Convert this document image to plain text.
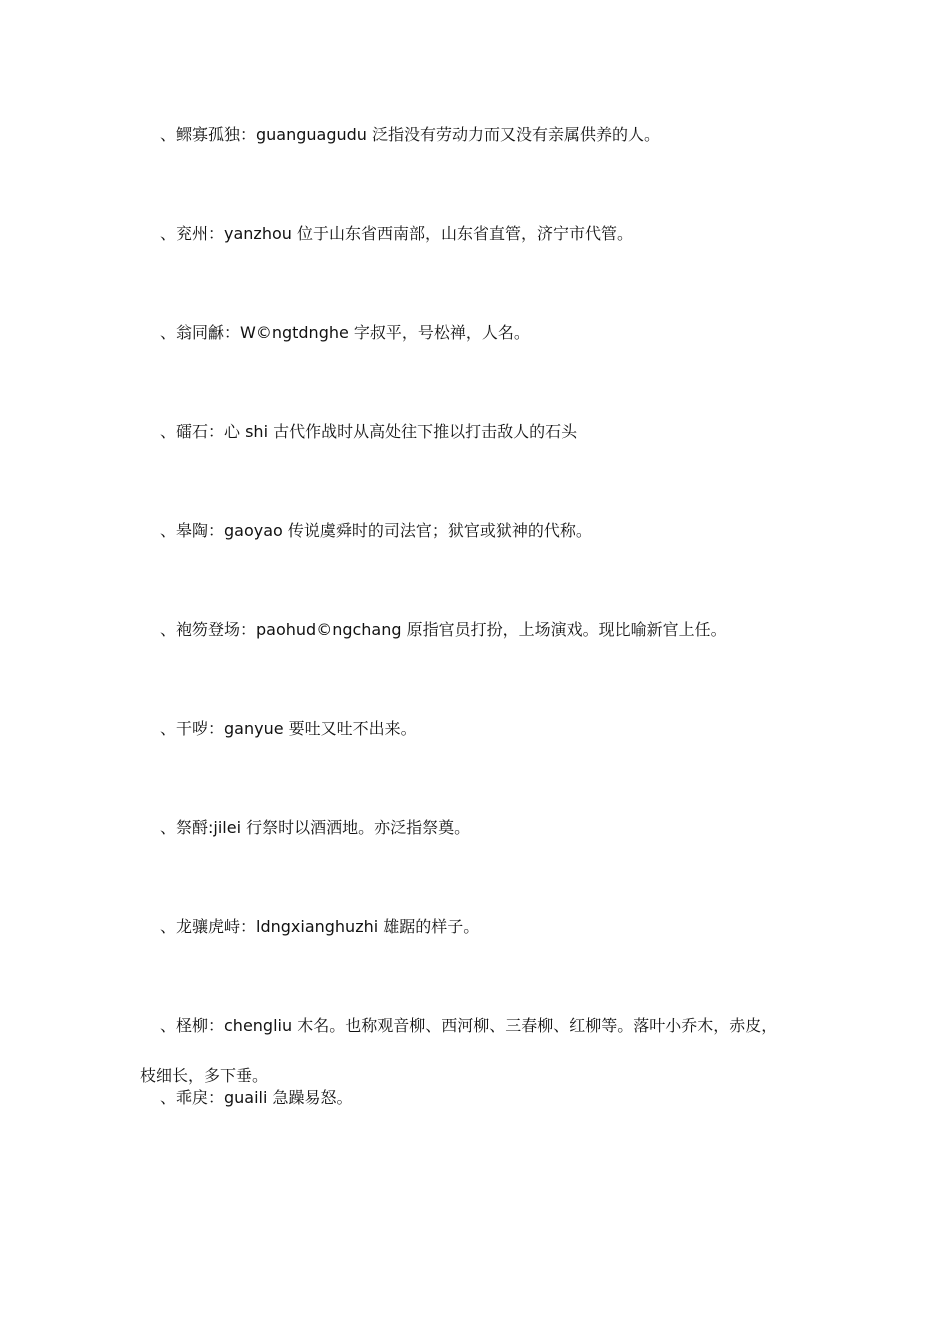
、鳏寡孤独：guanguagudu 泛指没有劳动力而又没有亲属供养的人。
、兖州：yanzhou 位于山东省西南部，山东省直管，济宁市代管。
、翁同龢：W©ngtdnghe 字叔平，号松禅，人名。
、礌石：心 shi 古代作战时从高处往下推以打击敌人的石头
、皋陶：gaoyao 传说虞舜时的司法官；狱官或狱神的代称。
、袍笏登场：paohud©ngchang 原指官员打扮，上场演戏。现比喻新官上任。
、干哕：ganyue 要吐又吐不出来。
、祭酹:jilei 行祭时以酒洒地。亦泛指祭奠。
、龙骧虎峙：ldngxianghuzhi 雄踞的样子。
、柽柳：chengliu 木名。也称观音柳、西河柳、三春柳、红柳等。落叶小乔木，赤皮，
枝细长，多下垂。
、乖戾：guaili 急躁易怒。
